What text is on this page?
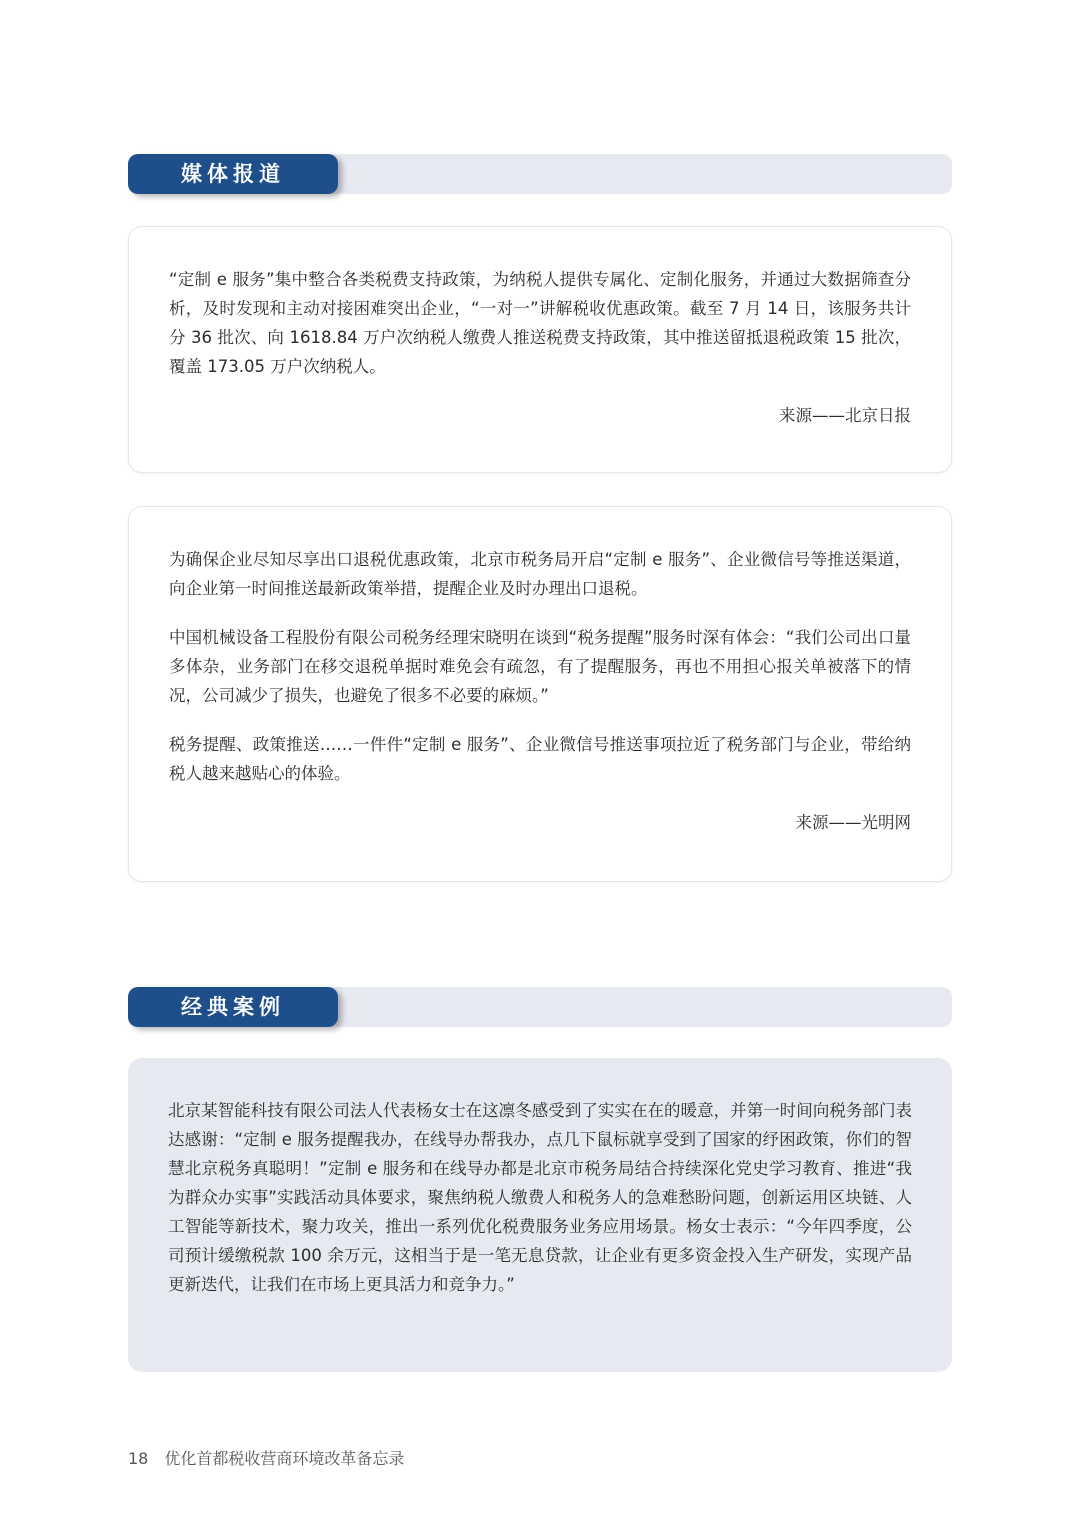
媒体报道

“定制 e 服务”集中整合各类税费支持政策，为纳税人提供专属化、定制化服务，并通过大数据筛查分析，及时发现和主动对接困难突出企业，“一对一”讲解税收优惠政策。截至 7 月 14 日，该服务共计分 36 批次、向 1618.84 万户次纳税人缴费人推送税费支持政策，其中推送留抵退税政策 15 批次，覆盖 173.05 万户次纳税人。

来源——北京日报

为确保企业尽知尽享出口退税优惠政策，北京市税务局开启“定制 e 服务”、企业微信号等推送渠道，向企业第一时间推送最新政策举措，提醒企业及时办理出口退税。

中国机械设备工程股份有限公司税务经理宋晓明在谈到“税务提醒”服务时深有体会：“我们公司出口量多体杂，业务部门在移交退税单据时难免会有疏忽，有了提醒服务，再也不用担心报关单被落下的情况，公司减少了损失，也避免了很多不必要的麻烦。”

税务提醒、政策推送……一件件“定制 e 服务”、企业微信号推送事项拉近了税务部门与企业，带给纳税人越来越贴心的体验。

来源——光明网

经典案例

北京某智能科技有限公司法人代表杨女士在这凛冬感受到了实实在在的暖意，并第一时间向税务部门表达感谢：“定制 e 服务提醒我办，在线导办帮我办，点几下鼠标就享受到了国家的纾困政策，你们的智慧北京税务真聪明！”定制 e 服务和在线导办都是北京市税务局结合持续深化党史学习教育、推进“我为群众办实事”实践活动具体要求，聚焦纳税人缴费人和税务人的急难愁盼问题，创新运用区块链、人工智能等新技术，聚力攻关，推出一系列优化税费服务业务应用场景。杨女士表示：“今年四季度，公司预计缓缴税款 100 余万元，这相当于是一笔无息贷款，让企业有更多资金投入生产研发，实现产品更新迭代，让我们在市场上更具活力和竞争力。”

18 优化首都税收营商环境改革备忘录
